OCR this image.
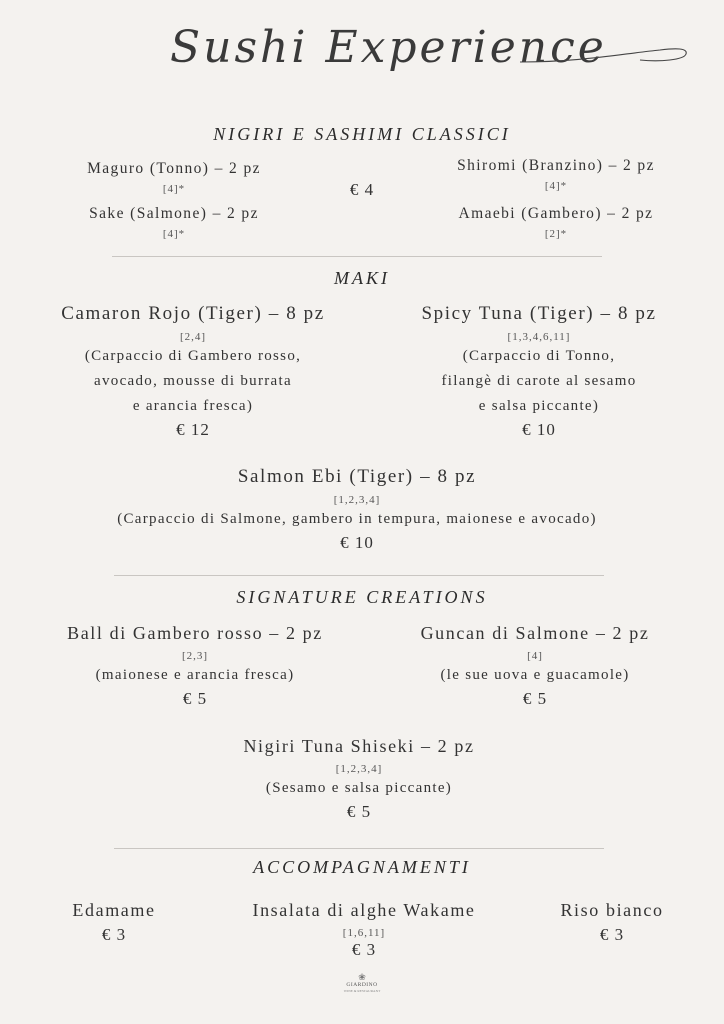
Sushi Experience
NIGIRI E SASHIMI CLASSICI
Maguro (Tonno) – 2 pz
[4]*
Sake (Salmone) – 2 pz
[4]*
€ 4
Shiromi (Branzino) – 2 pz
[4]*
Amaebi (Gambero) – 2 pz
[2]*
MAKI
Camaron Rojo (Tiger) – 8 pz
[2,4]
(Carpaccio di Gambero rosso,
avocado, mousse di burrata
e arancia fresca)
€ 12
Spicy Tuna (Tiger) – 8 pz
[1,3,4,6,11]
(Carpaccio di Tonno,
filangè di carote al sesamo
e salsa piccante)
€ 10
Salmon Ebi (Tiger) – 8 pz
[1,2,3,4]
(Carpaccio di Salmone, gambero in tempura, maionese e avocado)
€ 10
SIGNATURE CREATIONS
Ball di Gambero rosso – 2 pz
[2,3]
(maionese e arancia fresca)
€ 5
Guncan di Salmone – 2 pz
[4]
(le sue uova e guacamole)
€ 5
Nigiri Tuna Shiseki – 2 pz
[1,2,3,4]
(Sesamo e salsa piccante)
€ 5
ACCOMPAGNAMENTI
Edamame
€ 3
Insalata di alghe Wakame
[1,6,11]
€ 3
Riso bianco
€ 3
❀
GIARDINO
WINE & RESTAURANT
